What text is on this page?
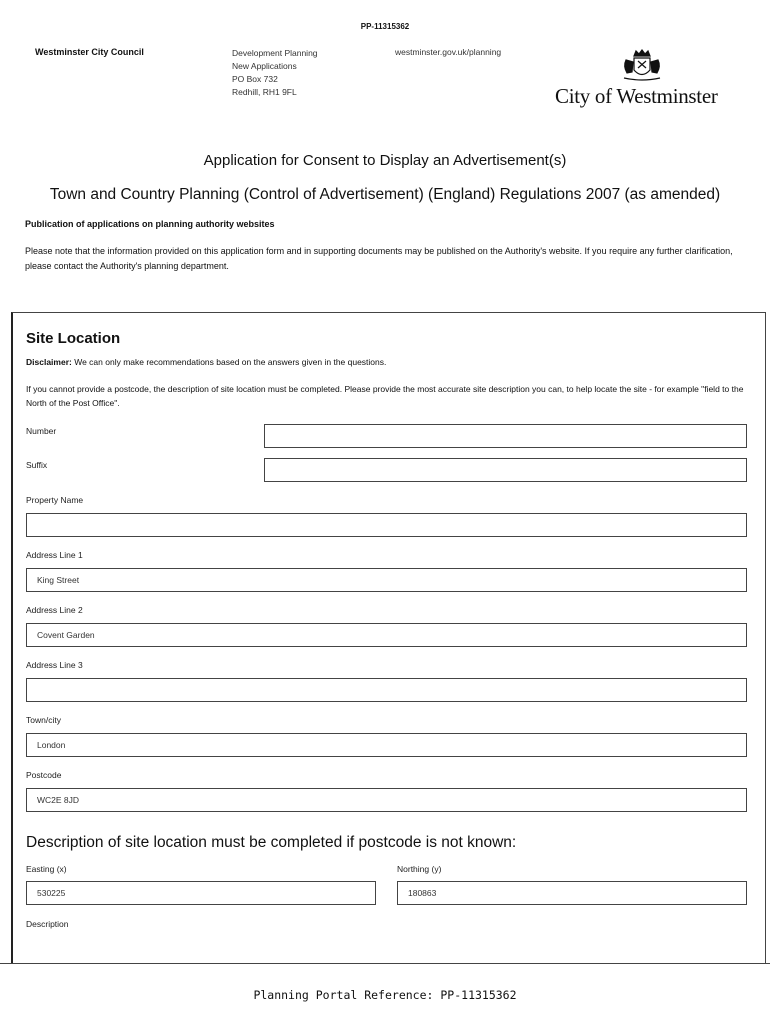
PP-11315362
Westminster City Council	Development Planning
New Applications
PO Box 732
Redhill, RH1 9FL
westminster.gov.uk/planning
City of Westminster
Application for Consent to Display an Advertisement(s)
Town and Country Planning (Control of Advertisement) (England) Regulations 2007 (as amended)
Publication of applications on planning authority websites
Please note that the information provided on this application form and in supporting documents may be published on the Authority's website. If you require any further clarification, please contact the Authority's planning department.
Site Location
Disclaimer: We can only make recommendations based on the answers given in the questions.
If you cannot provide a postcode, the description of site location must be completed. Please provide the most accurate site description you can, to help locate the site - for example "field to the North of the Post Office".
Number
Suffix
Property Name
Address Line 1
King Street
Address Line 2
Covent Garden
Address Line 3
Town/city
London
Postcode
WC2E 8JD
Description of site location must be completed if postcode is not known:
Easting (x)
530225
Northing (y)
180863
Description
Planning Portal Reference: PP-11315362
